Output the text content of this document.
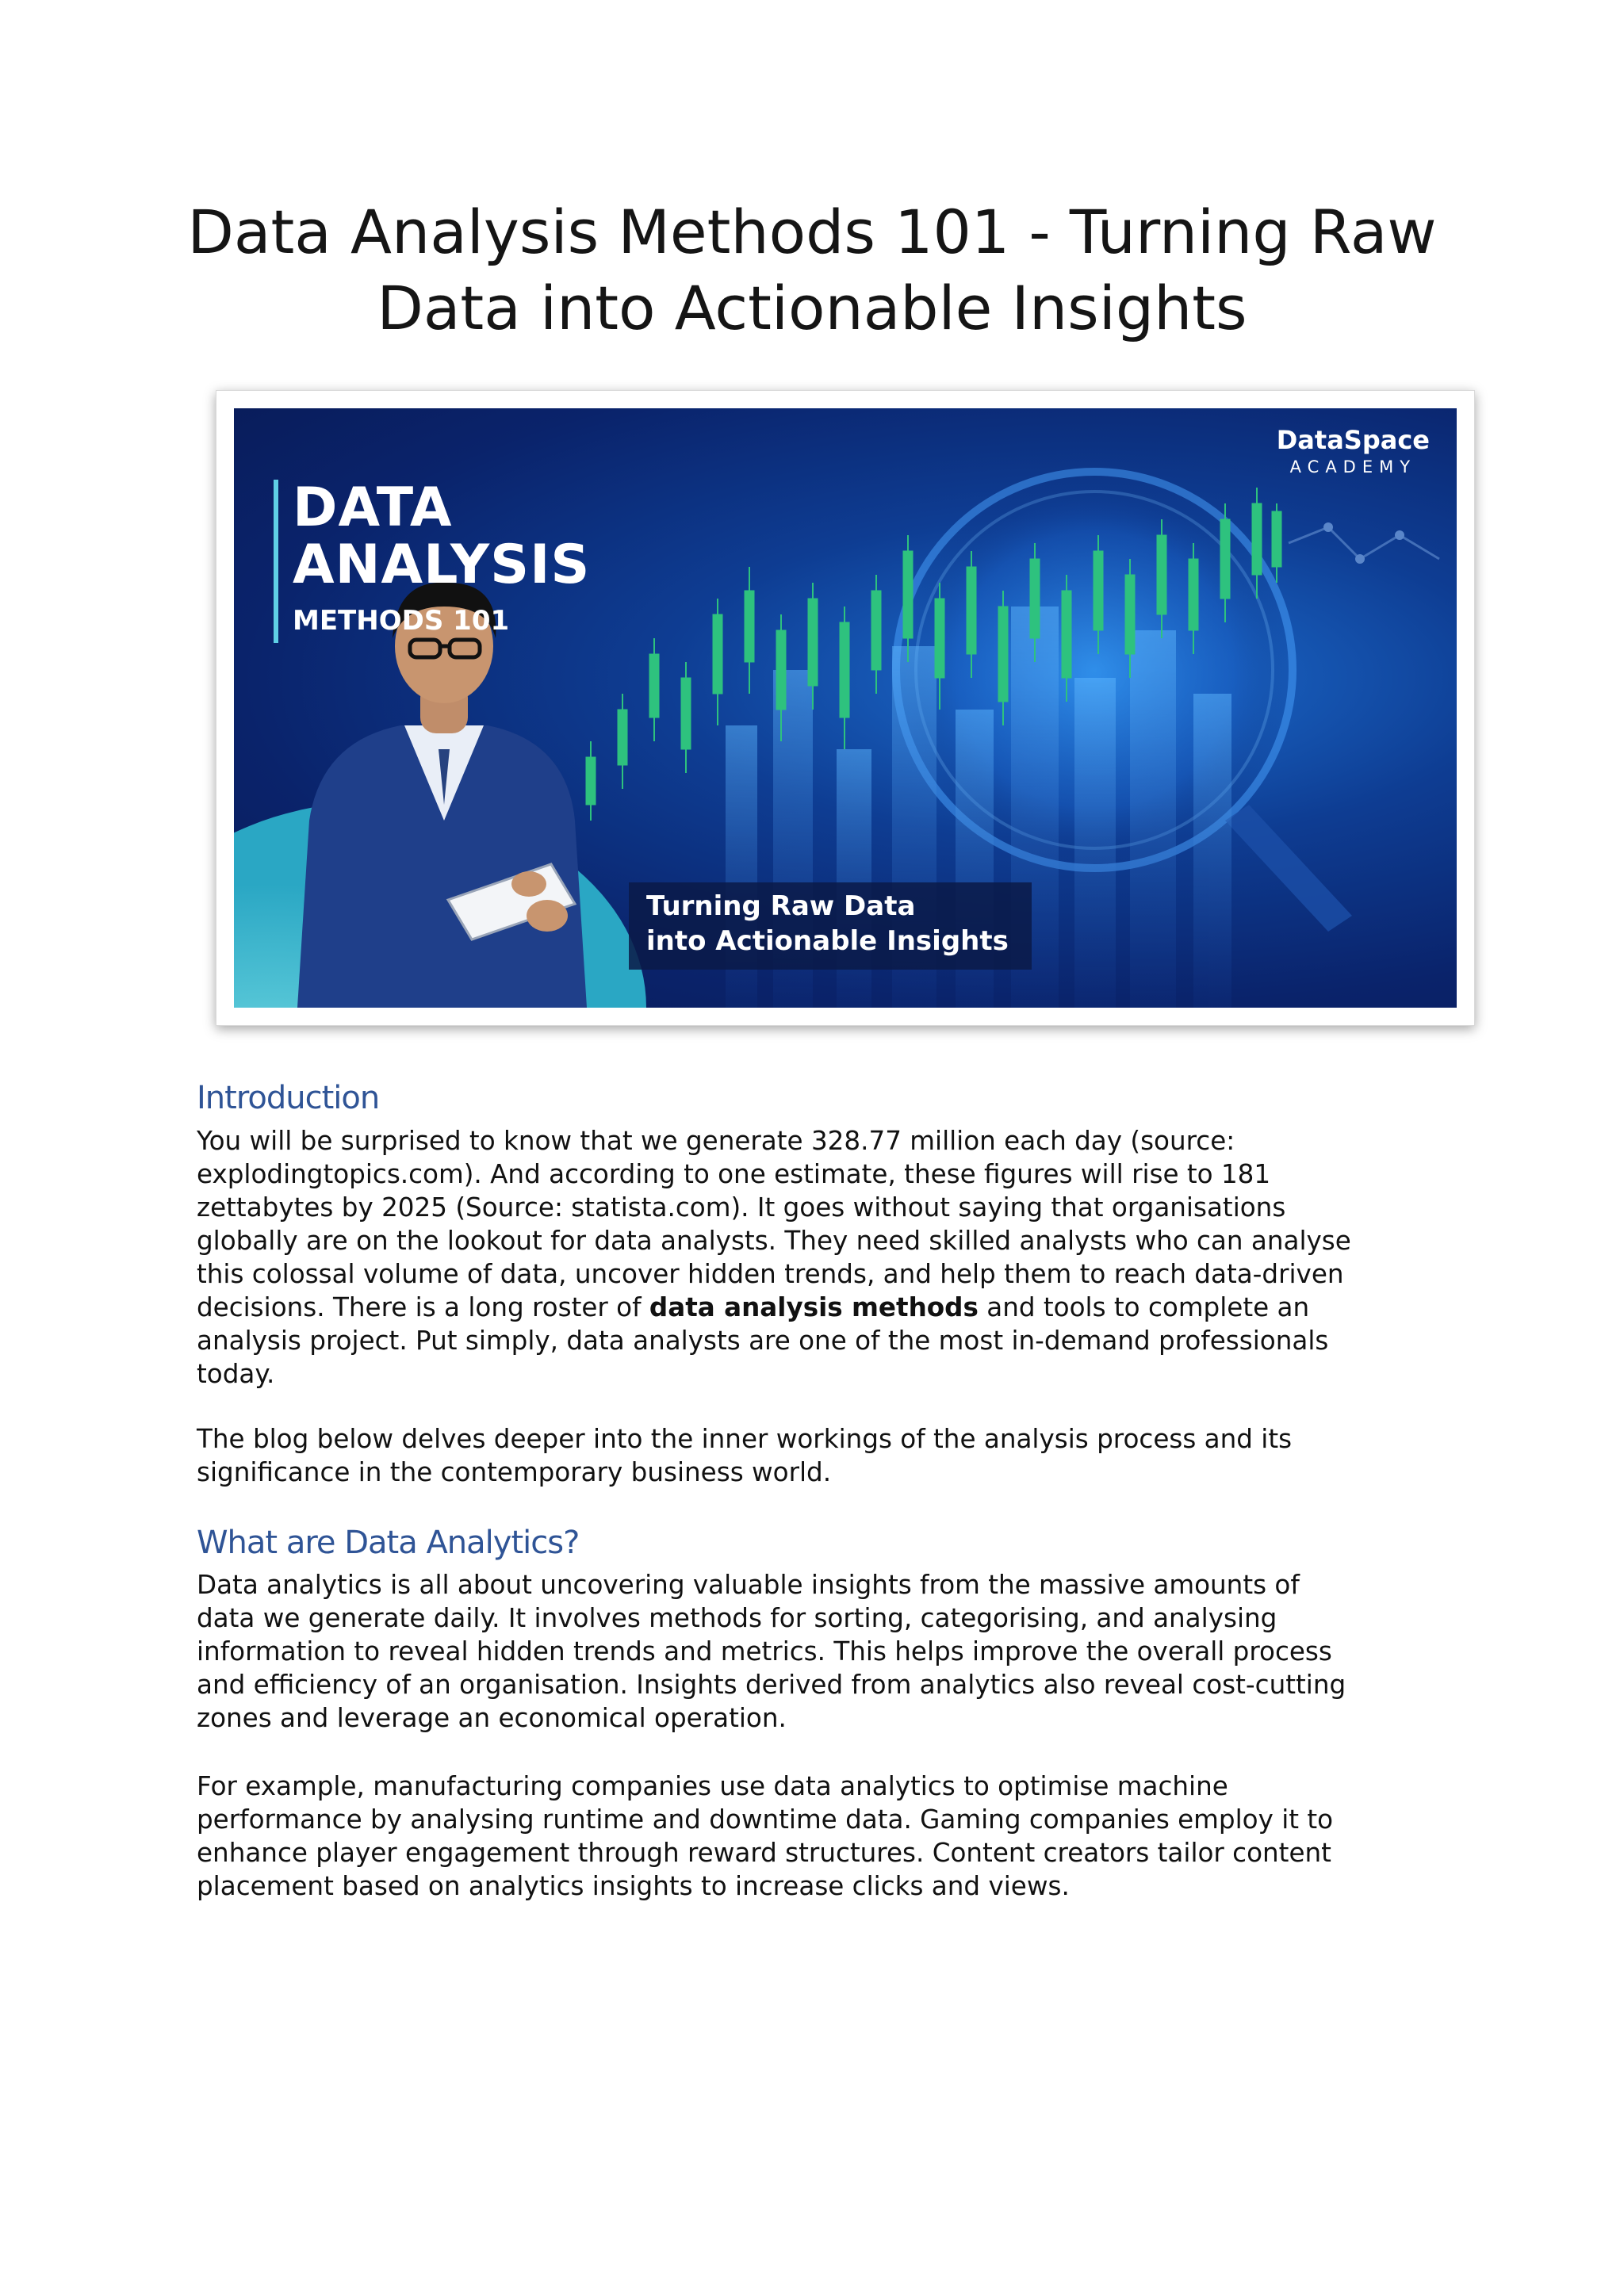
Data Analysis Methods 101 - Turning Raw Data into Actionable Insights
DATA
ANALYSIS
METHODS 101
DataSpace
ACADEMY
Turning Raw Data
into Actionable Insights
Introduction

You will be surprised to know that we generate 328.77 million each day (source:
explodingtopics.com). And according to one estimate, these figures will rise to 181
zettabytes by 2025 (Source: statista.com). It goes without saying that organisations
globally are on the lookout for data analysts. They need skilled analysts who can analyse
this colossal volume of data, uncover hidden trends, and help them to reach data-driven
decisions. There is a long roster of data analysis methods and tools to complete an
analysis project. Put simply, data analysts are one of the most in-demand professionals
today.

The blog below delves deeper into the inner workings of the analysis process and its
significance in the contemporary business world.

What are Data Analytics?

Data analytics is all about uncovering valuable insights from the massive amounts of
data we generate daily. It involves methods for sorting, categorising, and analysing
information to reveal hidden trends and metrics. This helps improve the overall process
and efficiency of an organisation. Insights derived from analytics also reveal cost-cutting
zones and leverage an economical operation.

For example, manufacturing companies use data analytics to optimise machine
performance by analysing runtime and downtime data. Gaming companies employ it to
enhance player engagement through reward structures. Content creators tailor content
placement based on analytics insights to increase clicks and views.
